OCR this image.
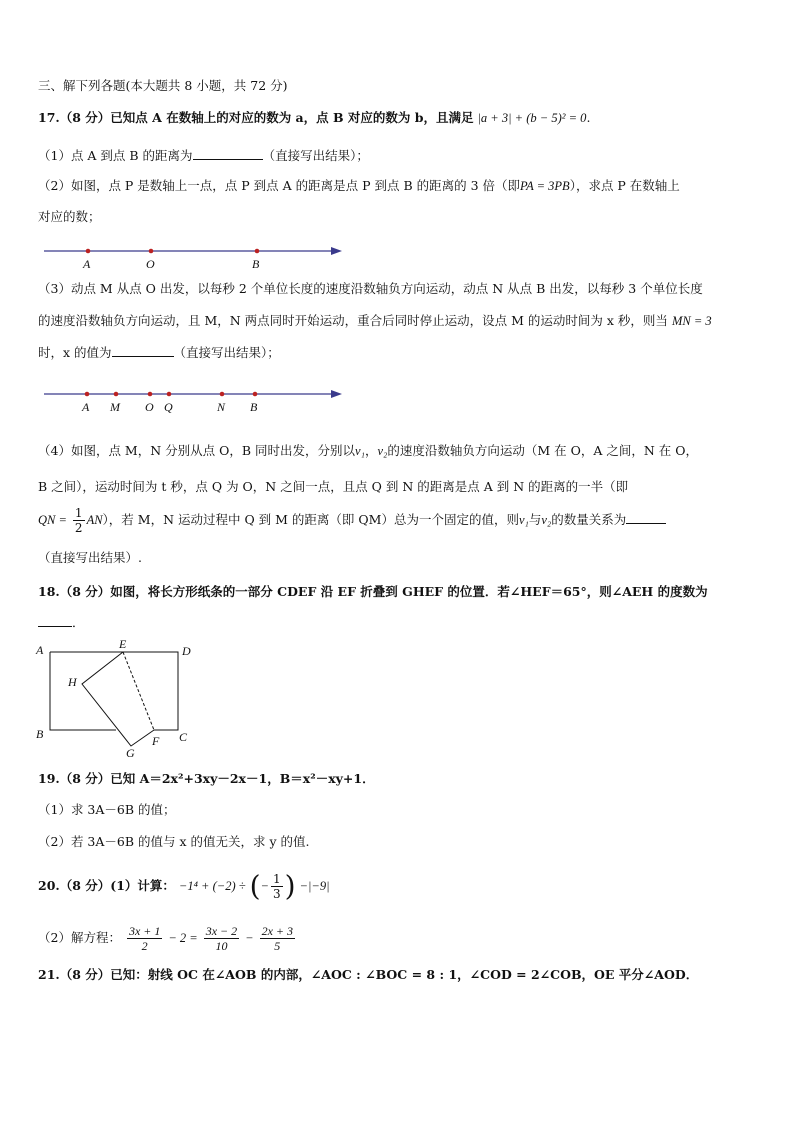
三、解下列各题(本大题共 8 小题，共 72 分)
17.（8 分）已知点 A 在数轴上的对应的数为 a，点 B 对应的数为 b，且满足 |a + 3| + (b − 5)² = 0.
（1）点 A 到点 B 的距离为	（直接写出结果）；
（2）如图，点 P 是数轴上一点，点 P 到点 A 的距离是点 P 到点 B 的距离的 3 倍（即PA = 3PB），求点 P 在数轴上
对应的数；
A	O	B
（3）动点 M 从点 O 出发，以每秒 2 个单位长度的速度沿数轴负方向运动，动点 N 从点 B 出发，以每秒 3 个单位长度
的速度沿数轴负方向运动，且 M，N 两点同时开始运动，重合后同时停止运动，设点 M 的运动时间为 x 秒，则当 MN = 3
时，x 的值为	（直接写出结果）；
A M O Q	N B
（4）如图，点 M，N 分别从点 O，B 同时出发，分别以v₁，v₂的速度沿数轴负方向运动（M 在 O，A 之间，N 在 O，
B 之间），运动时间为 t 秒，点 Q 为 O，N 之间一点，且点 Q 到 N 的距离是点 A 到 N 的距离的一半（即
QN = $\frac{1}{2} AN$），若 M，N 运动过程中 Q 到 M 的距离（即 QM）总为一个固定的值，则v₁与v₂的数量关系为
（直接写出结果）.
18.（8 分）如图，将长方形纸条的一部分 CDEF 沿 EF 折叠到 GHEF 的位置．若∠HEF＝65°，则∠AEH 的度数为
．
A	E	D
H
B
G
F C
19.（8 分）已知 A＝2x²+3xy－2x－1，B＝x²－xy+1．
（1）求 3A－6B 的值；
（2）若 3A－6B 的值与 x 的值无关，求 y 的值.
20.（8 分）(1）计算： −1⁴ + (−2) ÷ (− $\frac{1}{3}$ ) −|−9|
（2）解方程： $\frac{3x + 1}{2} - 2 = \frac{3x - 2}{10} - \frac{2x + 3}{5}$
21.（8 分）已知：射线 OC 在∠AOB 的内部，∠AOC : ∠BOC = 8 : 1，∠COD = 2∠COB，OE 平分∠AOD．
